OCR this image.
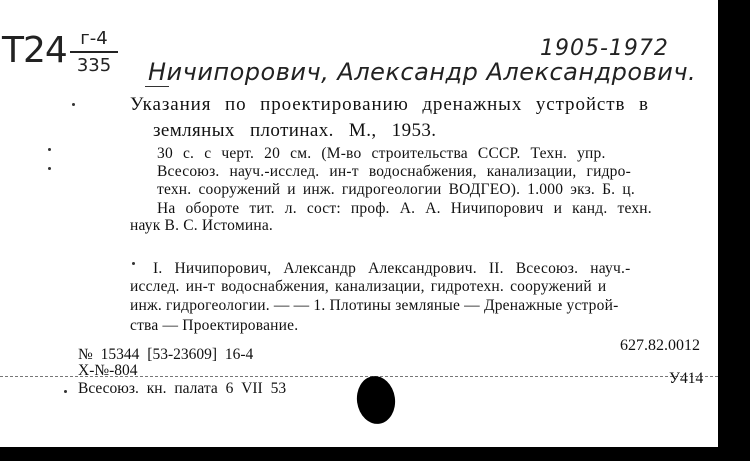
T24 г-4
335
1905-1972
Ничипорович, Александр Александрович.
Указания по проектированию дренажных устройств в
земляных плотинах. М., 1953.
30 с. с черт. 20 см. (М-во строительства СССР. Техн. упр.
Всесоюз. науч.-исслед. ин-т водоснабжения, канализации, гидро-
техн. сооружений и инж. гидрогеологии ВОДГЕО). 1.000 экз. Б. ц.
На обороте тит. л. сост: проф. А. А. Ничипорович и канд. техн.
наук В. С. Истомина.
I. Ничипорович, Александр Александрович. II. Всесоюз. науч.-
исслед. ин-т водоснабжения, канализации, гидротехн. сооружений и
инж. гидрогеологии. — — 1. Плотины земляные — Дренажные устрой-
ства — Проектирование.
627.82.0012
№ 15344 [53-23609] 16-4
Х-№-804
Всесоюз. кн. палата 6 VII 53
У414
